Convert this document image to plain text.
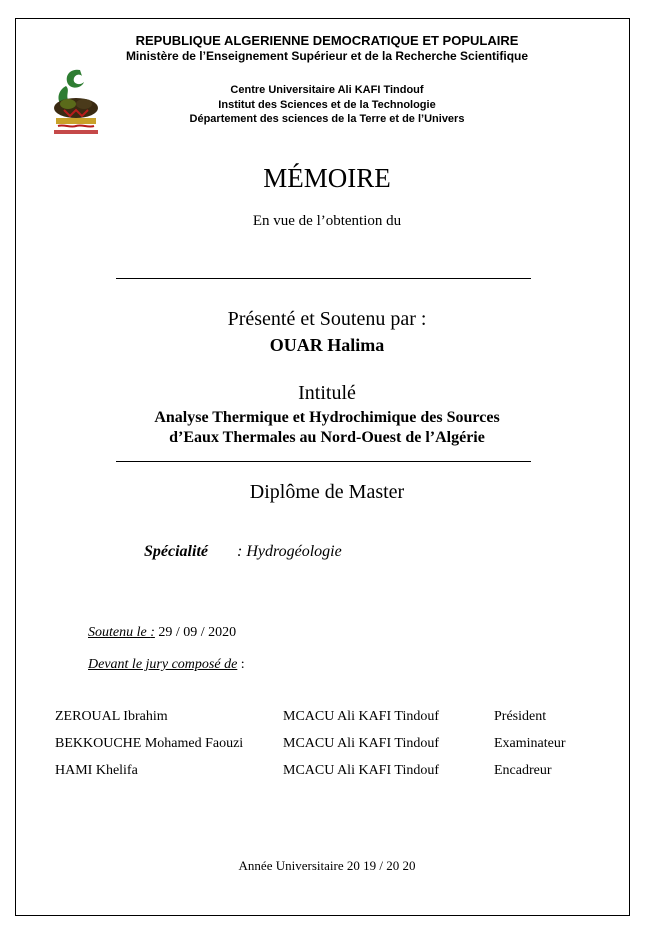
REPUBLIQUE ALGERIENNE DEMOCRATIQUE ET POPULAIRE
Ministère de l’Enseignement Supérieur et de la Recherche Scientifique
Centre Universitaire Ali KAFI Tindouf
Institut des Sciences et de la Technologie
Département des sciences de la Terre et de l’Univers
MÉMOIRE
En vue de l’obtention du
Présenté et Soutenu par :
OUAR Halima
Intitulé
Analyse Thermique et Hydrochimique des Sources
d’Eaux Thermales au Nord-Ouest de l’Algérie
Diplôme de Master
Spécialité : Hydrogéologie
Soutenu le : 29 / 09 / 2020
Devant le jury composé de :
ZEROUAL Ibrahim	MCACU Ali KAFI Tindouf	Président
BEKKOUCHE Mohamed Faouzi	MCACU Ali KAFI Tindouf	Examinateur
HAMI Khelifa	MCACU Ali KAFI Tindouf	Encadreur
Année Universitaire 20 19 / 20 20
